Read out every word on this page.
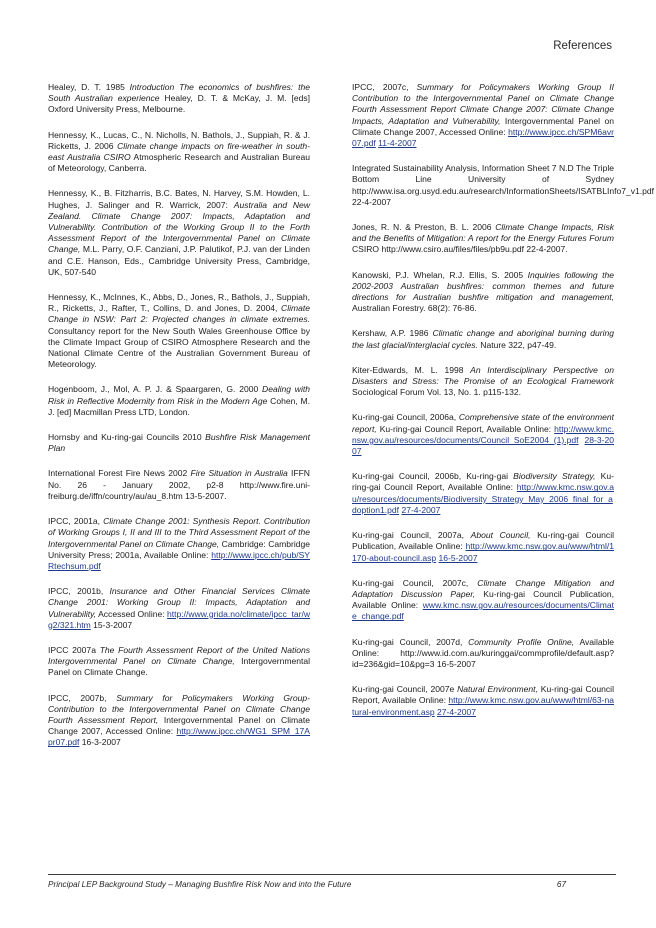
References

Healey, D. T. 1985 Introduction The economics of bushfires: the South Australian experience Healey, D. T. & McKay, J. M. [eds] Oxford University Press, Melbourne.

Hennessy, K., Lucas, C., N. Nicholls, N. Bathols, J., Suppiah, R. & J. Ricketts, J. 2006 Climate change impacts on fire-weather in south-east Australia CSIRO Atmospheric Research and Australian Bureau of Meteorology, Canberra.

Hennessy, K., B. Fitzharris, B.C. Bates, N. Harvey, S.M. Howden, L. Hughes, J. Salinger and R. Warrick, 2007: Australia and New Zealand. Climate Change 2007: Impacts, Adaptation and Vulnerability. Contribution of the Working Group II to the Forth Assessment Report of the Intergovernmental Panel on Climate Change, M.L. Parry, O.F. Canziani, J.P. Palutikof, P.J. van der Linden and C.E. Hanson, Eds., Cambridge University Press, Cambridge, UK, 507-540

Hennessy, K., McInnes, K., Abbs, D., Jones, R., Bathols, J., Suppiah, R., Ricketts, J., Rafter, T., Collins, D. and Jones, D. 2004, Climate Change in NSW: Part 2: Projected changes in climate extremes. Consultancy report for the New South Wales Greenhouse Office by the Climate Impact Group of CSIRO Atmosphere Research and the National Climate Centre of the Australian Government Bureau of Meteorology.

Hogenboom, J., Mol, A. P. J. & Spaargaren, G. 2000 Dealing with Risk in Reflective Modernity from Risk in the Modern Age Cohen, M. J. [ed] Macmillan Press LTD, London.

Hornsby and Ku-ring-gai Councils 2010 Bushfire Risk Management Plan

International Forest Fire News 2002 Fire Situation in Australia IFFN No. 26 - January 2002, p2-8 http://www.fire.uni-freiburg.de/iffn/country/au/au_8.htm 13-5-2007.

IPCC, 2001a, Climate Change 2001: Synthesis Report. Contribution of Working Groups I, II and III to the Third Assessment Report of the Intergovernmental Panel on Climate Change, Cambridge: Cambridge University Press; 2001a, Available Online: http://www.ipcc.ch/pub/SYRtechsum.pdf

IPCC, 2001b, Insurance and Other Financial Services Climate Change 2001: Working Group II: Impacts, Adaptation and Vulnerability, Accessed Online: http://www.grida.no/climate/ipcc_tar/wg2/321.htm 15-3-2007

IPCC 2007a The Fourth Assessment Report of the United Nations Intergovernmental Panel on Climate Change, Intergovernmental Panel on Climate Change.

IPCC, 2007b, Summary for Policymakers Working Group- Contribution to the Intergovernmental Panel on Climate Change Fourth Assessment Report, Intergovernmental Panel on Climate Change 2007, Accessed Online: http://www.ipcc.ch/WG1_SPM_17Apr07.pdf 16-3-2007

IPCC, 2007c, Summary for Policymakers Working Group II Contribution to the Intergovernmental Panel on Climate Change Fourth Assessment Report Climate Change 2007: Climate Change Impacts, Adaptation and Vulnerability, Intergovernmental Panel on Climate Change 2007, Accessed Online: http://www.ipcc.ch/SPM6avr07.pdf 11-4-2007

Integrated Sustainability Analysis, Information Sheet 7 N.D The Triple Bottom Line University of Sydney http://www.isa.org.usyd.edu.au/research/InformationSheets/ISATBLInfo7_v1.pdf 22-4-2007

Jones, R. N. & Preston, B. L. 2006 Climate Change Impacts, Risk and the Benefits of Mitigation: A report for the Energy Futures Forum CSIRO http://www.csiro.au/files/files/pb9u.pdf 22-4-2007.

Kanowski, P.J. Whelan, R.J. Ellis, S. 2005 Inquiries following the 2002-2003 Australian bushfires: common themes and future directions for Australian bushfire mitigation and management, Australian Forestry. 68(2): 76-86.

Kershaw, A.P. 1986 Climatic change and aboriginal burning during the last glacial/interglacial cycles. Nature 322, p47-49.

Kiter-Edwards, M. L. 1998 An Interdisciplinary Perspective on Disasters and Stress: The Promise of an Ecological Framework Sociological Forum Vol. 13, No. 1. p115-132.

Ku-ring-gai Council, 2006a, Comprehensive state of the environment report, Ku-ring-gai Council Report, Available Online: http://www.kmc.nsw.gov.au/resources/documents/Council_SoE2004_(1).pdf 28-3-2007

Ku-ring-gai Council, 2006b, Ku-ring-gai Biodiversity Strategy, Ku-ring-gai Council Report, Available Online: http://www.kmc.nsw.gov.au/resources/documents/Biodiversity_Strategy_May_2006_final_for_adoption1.pdf 27-4-2007

Ku-ring-gai Council, 2007a, About Council, Ku-ring-gai Council Publication, Available Online: http://www.kmc.nsw.gov.au/www/html/1170-about-council.asp 16-5-2007

Ku-ring-gai Council, 2007c, Climate Change Mitigation and Adaptation Discussion Paper, Ku-ring-gai Council Publication, Available Online: www.kmc.nsw.gov.au/resources/documents/Climate_change.pdf

Ku-ring-gai Council, 2007d, Community Profile Online, Available Online: http://www.id.com.au/kuringgai/commprofile/default.asp?id=236&gid=10&pg=3 16-5-2007

Ku-ring-gai Council, 2007e Natural Environment, Ku-ring-gai Council Report, Available Online: http://www.kmc.nsw.gov.au/www/html/63-natural-environment.asp 27-4-2007

Principal LEP Background Study – Managing Bushfire Risk Now and into the Future	67
